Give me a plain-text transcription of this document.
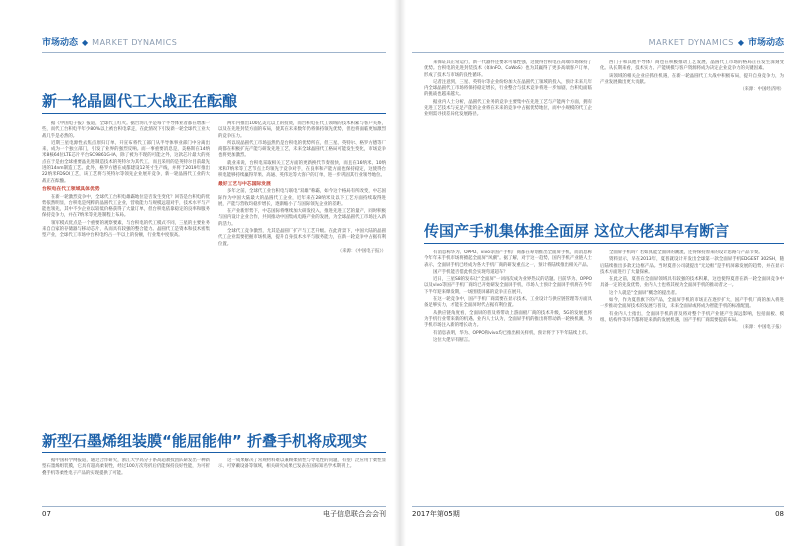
市场动态 ◆ MARKET DYNAMICS
新一轮晶圆代工大战正在酝酿

据《中国电子报》报道，全球代工红火。据台湾几乎是每个半导体业者都在增加一些，而代工台积电半年少80%以上被台积电拿走，在此情况下引发新一轮全球代工业大战几乎是必然的。

近期三星电源性去焦点原归订单，开宣布将代工部门从半导体事业部门中分离出来，成为一个独立部门，引发了业界的强烈反响。而一事重要消息是，美格斯在14纳米8核64位LTE芯片平台SC9861G-IA，除了被为不现的可能之外，这款芯片最大的亮点在于是由全球重要晶先进制造技术的英特尔为其代工，而且采用的是英特尔目前最先进的14nm制造工艺。此外，格罗方德在成都建设12英寸生产线，并将于2019年推出22纳米FDSOI工艺，该工艺将与英特尔等领先企业展开竞争，新一轮晶圆代工业的大战正在酝酿。

台积电在代工领域具体优势

在新一轮激烈竞争中，全球代工台积电雄霸地位是否发生变化？回答是台积电的优势依然明显，台积电是纯粹的晶圆代工企业，营收能力与规模远超对手，技术水平与产能也领先，其中不少企业以较低价格获得了大量订单，但台积电依靠稳定的良率和服务保持竞争力，并在7纳米等先进制程上布局。

领军模式优点是一个重要的观察要素，与台积电的代工模式不同，三星的主要业务来自自家的存储器与移动芯片，从而具有较强的整合能力。晶圆代工是资本和技术密集型产业，全球代工市场中台积电约占一半以上的份额，行业集中度很高。

两年内推出100亿美元以上的投资，而台积电在代工领域的技术积累与客户关系，以及在先进封装方面的布局，使其在未来数年仍将保持领先优势，但也将面临更加激烈的竞争压力。

所以说晶圆代工市场虽然仍是台积电的优势所在，但三星、英特尔、格罗方德等厂商都在积极扩充产能与研发先进工艺，未来全球晶圆代工格局可能发生变化，市场竞争也将更加激烈。

就业来说，台积电采取相关工艺方面的更新换代节奏很快，而且在16纳米、10纳米和7纳米等工艺节点上均领先于竞争对手，在良率和产能方面也保持稳定，这使得台积电能够持续赢得苹果、高通、英伟达等大客户的订单，进一步巩固其行业领导地位。

最好工艺与中芯国际发展

多年之前，全球代工业台积电与联电“双雄”称霸，如今这个格局有所改变，中芯国际作为中国大陆最大的晶圆代工企业，近年来在28纳米及以下工艺方面持续取得进展，产能与营收均稳步增长，逐渐缩小了与国际领先企业的差距。

在产业新形势下，中芯国际将继续加大研发投入，推进先进工艺的量产，同时积极与国内设计企业合作，共同推动中国集成电路产业的发展，为全球晶圆代工市场注入新的活力。

全球代工竞争激烈，尤其是晶圆厂扩产与工艺升级。在此背景下，中国大陆的晶圆代工企业需要把握市场机遇，提升自身技术水平与服务能力，在新一轮竞争中占据有利位置。

（来源：《中国电子报》）

新型石墨烯组装膜“能屈能伸” 折叠手机将成现实

据中国科学网报道，通过合作研究，浙江大学高分子系高超教授团队研发出一种新型石墨烯组装膜，它具有超高柔韧性，经过100万次弯折后仍能保持良好性能，为可折叠手机等柔性电子产品的实现提供了可能。

这一成果解决了常规材料难以兼顾柔韧性与导电性的问题，有望广泛应用于柔性显示、可穿戴设备等领域，相关研究成果已发表在国际知名学术期刊上。

07	电子信息联合会会刊
MARKET DYNAMICS ◆ 市场动态

来保证其正常运行，新一代器件还要求可靠性强，这使得台积电在高端市场保持了优势。台积电的先进封装技术（如InFO、CoWoS）也为其赢得了更多高端客户订单，形成了技术与市场的良性循环。

记者注意到，三星、英特尔等企业纷纷加大在晶圆代工领域的投入，预计未来几年内全球晶圆代工市场将保持稳定增长，行业整合与技术竞争将进一步加剧，台积电面临的挑战也越来越大。

据业内人士分析，晶圆代工业务的竞争主要集中在先进工艺与产能两个方面，拥有先进工艺技术与充足产能的企业将在未来的竞争中占据优势地位，而中小规模的代工企业则需寻找差异化发展路径。

西门子和其他半导体厂商也在积极推动工艺发展，晶圆代工市场的格局正在发生深刻变化。从长期来看，技术实力、产能规模与客户资源将成为决定企业竞争力的关键因素。

该领域的相关企业应抓住机遇，在新一轮晶圆代工大战中积极布局，提升自身竞争力，为产业发展做出更大贡献。

（来源：中国经济网）

传国产手机集体推全面屏 这位大佬却早有断言

有消息称华为、OPPO、vivo等国产手机厂商都在筹划推出全面屏手机，而消息称今年年末手机市场将掀起全面屏“风潮”。据了解，对于这一趋势，国内手机产业链人士表示，全面屏手机已经成为各大手机厂商的研发重点之一，预计将陆续推出相关产品。

国产手机能否借此机会实现弯道超车？

近日，三星S8的发布让“全面屏”一词再次成为业界热议的话题。目前华为、OPPO以及vivo等国产手机厂商均已开始研发全面屏手机，市场人士预计全面屏手机将在今年下半年迎来爆发期，一场围绕屏幕的竞争正在展开。

在这一轮竞争中，国产手机厂商需要在显示技术、工业设计与供应链管理等方面具备足够实力，才能在全面屏时代占据有利位置。

从供应链角度看，全面屏的普及将带动上游面板厂商的技术升级，5G的发展也将为手机行业带来新的机遇。业内人士认为，全面屏手机的推出将带动新一轮换机潮，为手机市场注入新的增长动力。

有消息表明，华为、OPPO和vivo均已推出相关样机，预计将于下半年陆续上市。

这位大佬早有断言。

全面屏手机吗？若如真能全面屏的潮流，还得保持原来的设计思路与产品节奏。

资料显示，早在2013年，夏普就设计开发出全球第一款全面屏手机EDGEST 302SH，随后陆续推出多款无边框产品。当时夏普公司就提出“无边框”是手机屏幕发展的趋势，并在显示技术方面进行了大量探索。

在此之前，夏普在全面屏领域具有较强的技术积累，这也使得夏普在新一轮全面屏竞争中具备一定的先发优势，业内人士也将其视为全面屏手机的推动者之一。

这个人就是“全面屏”概念的提出者。

如今，作为夏普旗下的产品，全面屏手机的市场正在逐步扩大，国产手机厂商的加入将进一步推动全面屏技术的发展与普及，未来全面屏或将成为智能手机的标准配置。

有业内人士指出，全面屏手机的普及将对整个手机产业链产生深远影响，包括面板、模组、结构件等环节都将迎来新的发展机遇，国产手机厂商需要提前布局。

（来源：中国电子报）

2017年第05期	08
